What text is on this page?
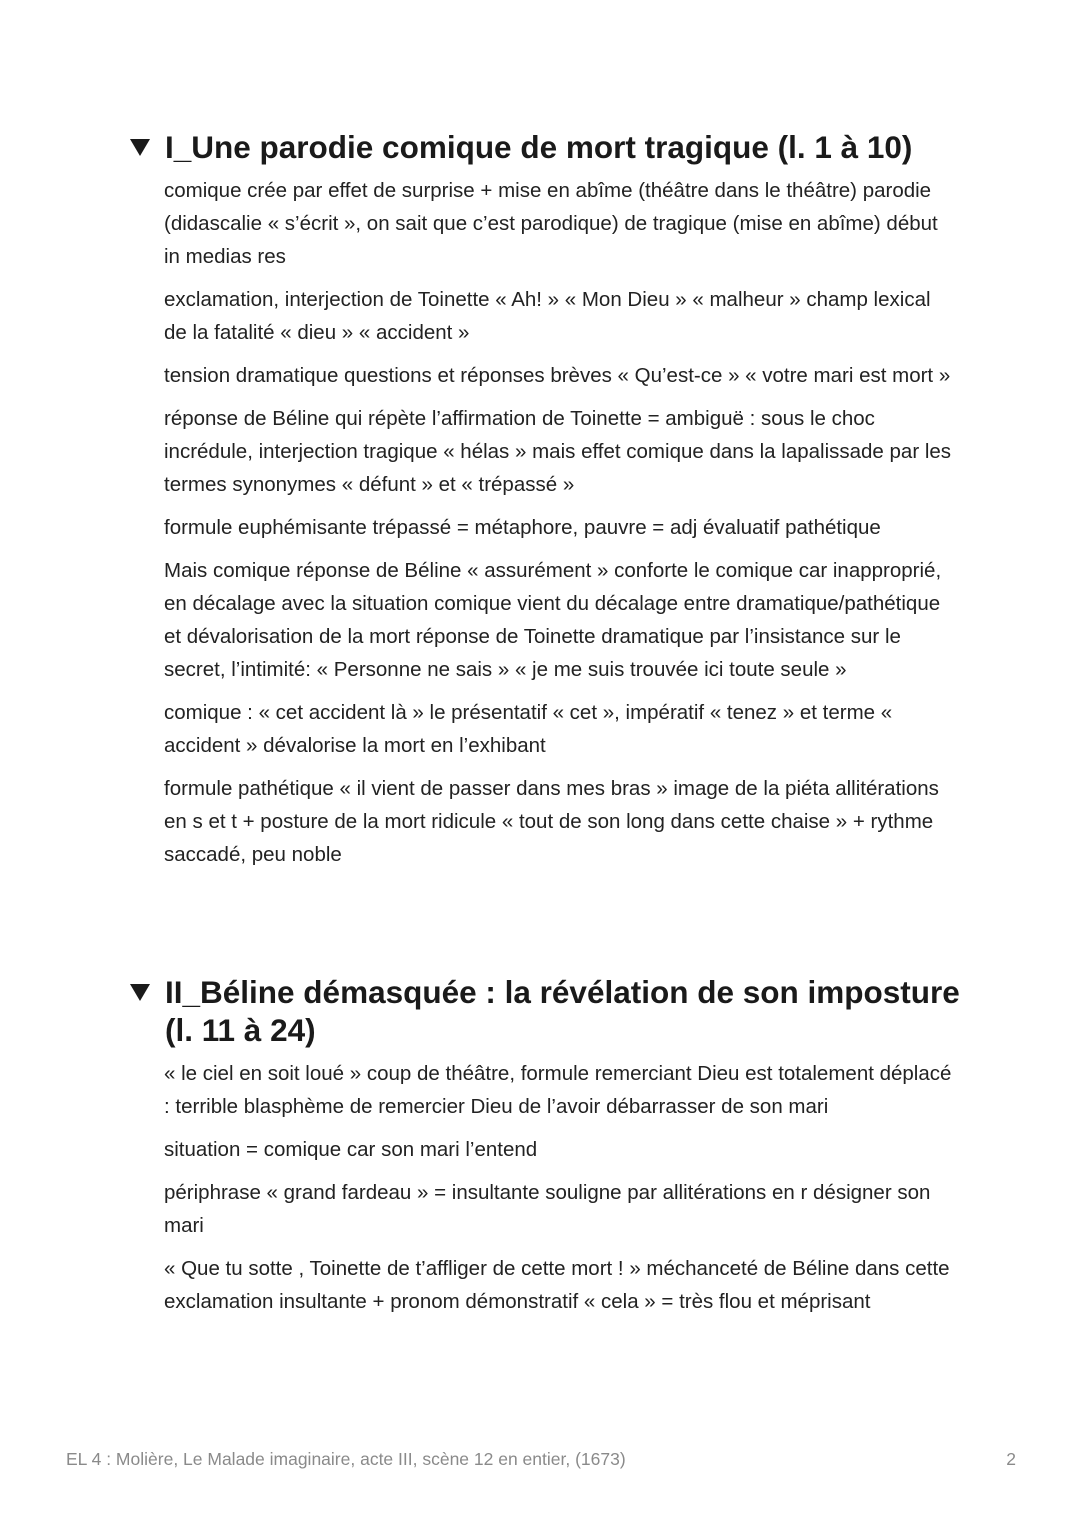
I_Une parodie comique de mort tragique (l. 1 à 10)

comique crée par effet de surprise + mise en abîme (théâtre dans le théâtre) parodie (didascalie « s’écrit », on sait que c’est parodique) de tragique (mise en abîme) début in medias res

exclamation, interjection de Toinette « Ah! » « Mon Dieu » « malheur » champ lexical de la fatalité « dieu » « accident »

tension dramatique questions et réponses brèves « Qu’est-ce » « votre mari est mort »

réponse de Béline qui répète l’affirmation de Toinette = ambiguë : sous le choc incrédule, interjection tragique « hélas » mais effet comique dans la lapalissade par les termes synonymes « défunt » et « trépassé »

formule euphémisante trépassé = métaphore, pauvre = adj évaluatif pathétique

Mais comique réponse de Béline « assurément » conforte le comique car inapproprié, en décalage avec la situation comique vient du décalage entre dramatique/pathétique et dévalorisation de la mort réponse de Toinette dramatique par l’insistance sur le secret, l’intimité: « Personne ne sais » « je me suis trouvée ici toute seule »

comique : « cet accident là » le présentatif « cet », impératif « tenez » et terme « accident » dévalorise la mort en l’exhibant

formule pathétique « il vient de passer dans mes bras » image de la piéta allitérations en s et t + posture de la mort ridicule « tout de son long dans cette chaise » + rythme saccadé, peu noble

II_Béline démasquée : la révélation de son imposture (l. 11 à 24)

« le ciel en soit loué » coup de théâtre, formule remerciant Dieu est totalement déplacé : terrible blasphème de remercier Dieu de l’avoir débarrasser de son mari

situation = comique car son mari l’entend

périphrase « grand fardeau » = insultante souligne par allitérations en r désigner son mari

« Que tu sotte , Toinette de t’affliger de cette mort ! » méchanceté de Béline dans cette exclamation insultante + pronom démonstratif « cela » = très flou et méprisant

EL 4 : Molière, Le Malade imaginaire, acte III, scène 12 en entier, (1673)	2
